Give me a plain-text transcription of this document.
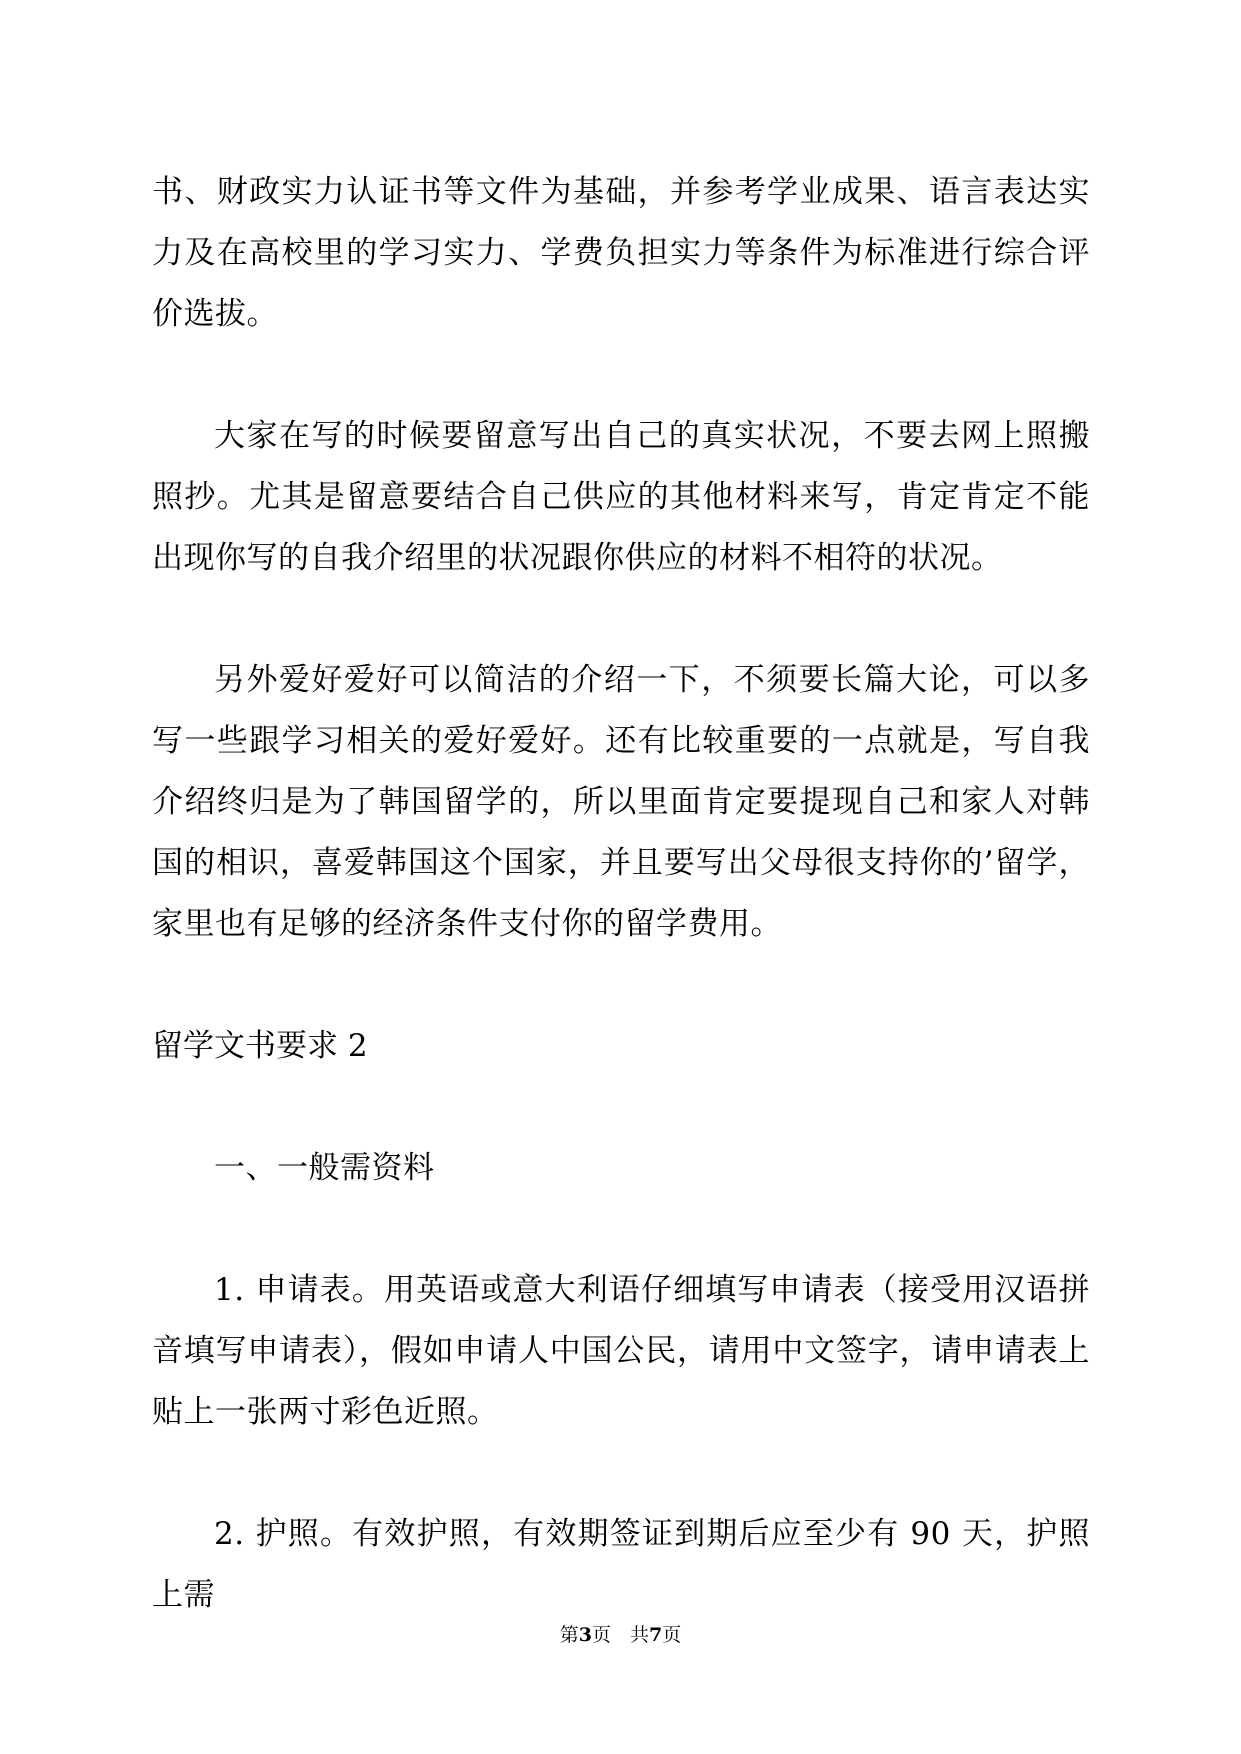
书、财政实力认证书等文件为基础，并参考学业成果、语言表达实力及在高校里的学习实力、学费负担实力等条件为标准进行综合评价选拔。

大家在写的时候要留意写出自己的真实状况，不要去网上照搬照抄。尤其是留意要结合自己供应的其他材料来写，肯定肯定不能出现你写的自我介绍里的状况跟你供应的材料不相符的状况。

另外爱好爱好可以简洁的介绍一下，不须要长篇大论，可以多写一些跟学习相关的爱好爱好。还有比较重要的一点就是，写自我介绍终归是为了韩国留学的，所以里面肯定要提现自己和家人对韩国的相识，喜爱韩国这个国家，并且要写出父母很支持你的’留学，家里也有足够的经济条件支付你的留学费用。

留学文书要求 2

一、一般需资料

1. 申请表。用英语或意大利语仔细填写申请表（接受用汉语拼音填写申请表），假如申请人中国公民，请用中文签字，请申请表上贴上一张两寸彩色近照。

2. 护照。有效护照，有效期签证到期后应至少有 90 天，护照上需

第3页　共7页
